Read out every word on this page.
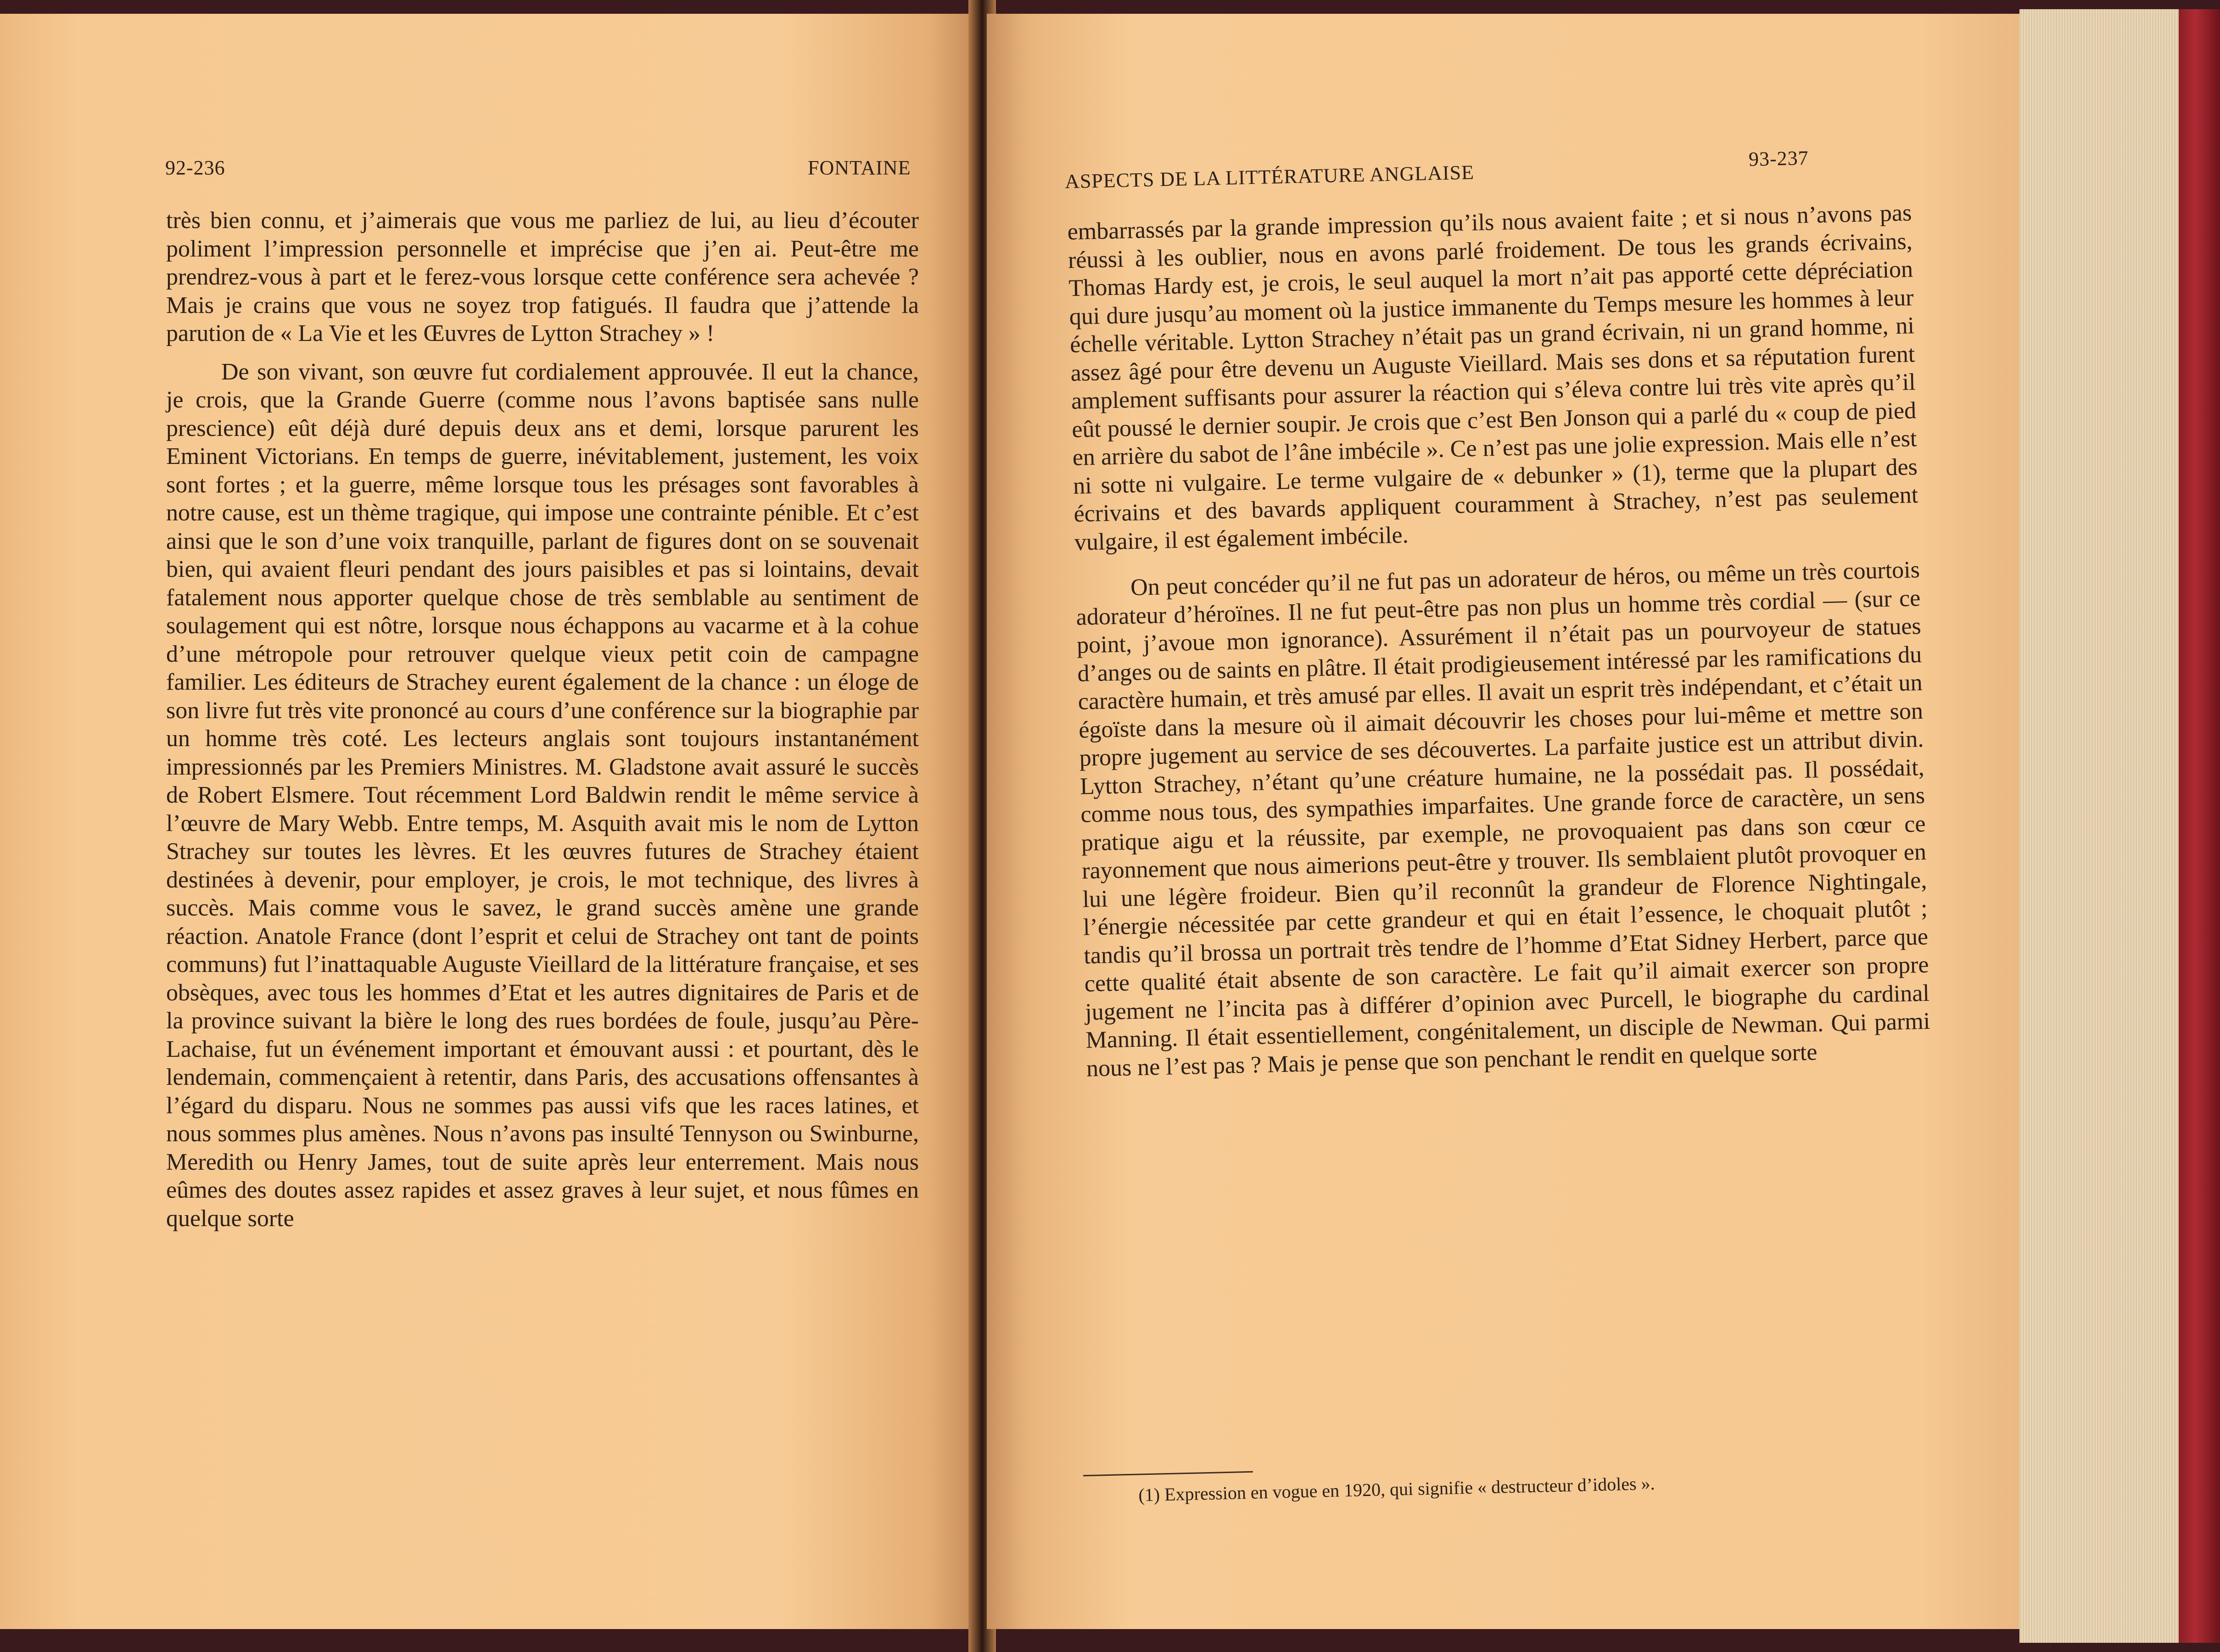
92-236	FONTAINE

très bien connu, et j’aimerais que vous me parliez de lui, au lieu d’écouter poliment l’impression personnelle et imprécise que j’en ai. Peut-être me prendrez-vous à part et le ferez-vous lorsque cette conférence sera achevée ? Mais je crains que vous ne soyez trop fatigués. Il faudra que j’attende la parution de « La Vie et les Œuvres de Lytton Strachey » !

De son vivant, son œuvre fut cordialement approuvée. Il eut la chance, je crois, que la Grande Guerre (comme nous l’avons baptisée sans nulle prescience) eût déjà duré depuis deux ans et demi, lorsque parurent les Eminent Victorians. En temps de guerre, inévitablement, justement, les voix sont fortes ; et la guerre, même lorsque tous les présages sont favorables à notre cause, est un thème tragique, qui impose une contrainte pénible. Et c’est ainsi que le son d’une voix tranquille, parlant de figures dont on se souvenait bien, qui avaient fleuri pendant des jours paisibles et pas si lointains, devait fatalement nous apporter quelque chose de très semblable au sentiment de soulagement qui est nôtre, lorsque nous échappons au vacarme et à la cohue d’une métropole pour retrouver quelque vieux petit coin de campagne familier. Les éditeurs de Strachey eurent également de la chance : un éloge de son livre fut très vite prononcé au cours d’une conférence sur la biographie par un homme très coté. Les lecteurs anglais sont toujours instantanément impressionnés par les Premiers Ministres. M. Gladstone avait assuré le succès de Robert Elsmere. Tout récemment Lord Baldwin rendit le même service à l’œuvre de Mary Webb. Entre temps, M. Asquith avait mis le nom de Lytton Strachey sur toutes les lèvres. Et les œuvres futures de Strachey étaient destinées à devenir, pour employer, je crois, le mot technique, des livres à succès. Mais comme vous le savez, le grand succès amène une grande réaction. Anatole France (dont l’esprit et celui de Strachey ont tant de points communs) fut l’inattaquable Auguste Vieillard de la littérature française, et ses obsèques, avec tous les hommes d’Etat et les autres dignitaires de Paris et de la province suivant la bière le long des rues bordées de foule, jusqu’au Père-Lachaise, fut un événement important et émouvant aussi : et pourtant, dès le lendemain, commençaient à retentir, dans Paris, des accusations offensantes à l’égard du disparu. Nous ne sommes pas aussi vifs que les races latines, et nous sommes plus amènes. Nous n’avons pas insulté Tennyson ou Swinburne, Meredith ou Henry James, tout de suite après leur enterrement. Mais nous eûmes des doutes assez rapides et assez graves à leur sujet, et nous fûmes en quelque sorte

ASPECTS DE LA LITTÉRATURE ANGLAISE
93-237

embarrassés par la grande impression qu’ils nous avaient faite ; et si nous n’avons pas réussi à les oublier, nous en avons parlé froidement. De tous les grands écrivains, Thomas Hardy est, je crois, le seul auquel la mort n’ait pas apporté cette dépréciation qui dure jusqu’au moment où la justice immanente du Temps mesure les hommes à leur échelle véritable. Lytton Strachey n’était pas un grand écrivain, ni un grand homme, ni assez âgé pour être devenu un Auguste Vieillard. Mais ses dons et sa réputation furent amplement suffisants pour assurer la réaction qui s’éleva contre lui très vite après qu’il eût poussé le dernier soupir. Je crois que c’est Ben Jonson qui a parlé du « coup de pied en arrière du sabot de l’âne imbécile ». Ce n’est pas une jolie expression. Mais elle n’est ni sotte ni vulgaire. Le terme vulgaire de « debunker » (1), terme que la plupart des écrivains et des bavards appliquent couramment à Strachey, n’est pas seulement vulgaire, il est également imbécile.

On peut concéder qu’il ne fut pas un adorateur de héros, ou même un très courtois adorateur d’héroïnes. Il ne fut peut-être pas non plus un homme très cordial — (sur ce point, j’avoue mon ignorance). Assurément il n’était pas un pourvoyeur de statues d’anges ou de saints en plâtre. Il était prodigieusement intéressé par les ramifications du caractère humain, et très amusé par elles. Il avait un esprit très indépendant, et c’était un égoïste dans la mesure où il aimait découvrir les choses pour lui-même et mettre son propre jugement au service de ses découvertes. La parfaite justice est un attribut divin. Lytton Strachey, n’étant qu’une créature humaine, ne la possédait pas. Il possédait, comme nous tous, des sympathies imparfaites. Une grande force de caractère, un sens pratique aigu et la réussite, par exemple, ne provoquaient pas dans son cœur ce rayonnement que nous aimerions peut-être y trouver. Ils semblaient plutôt provoquer en lui une légère froideur. Bien qu’il reconnût la grandeur de Florence Nightingale, l’énergie nécessitée par cette grandeur et qui en était l’essence, le choquait plutôt ; tandis qu’il brossa un portrait très tendre de l’homme d’Etat Sidney Herbert, parce que cette qualité était absente de son caractère. Le fait qu’il aimait exercer son propre jugement ne l’incita pas à différer d’opinion avec Purcell, le biographe du cardinal Manning. Il était essentiellement, congénitalement, un disciple de Newman. Qui parmi nous ne l’est pas ? Mais je pense que son penchant le rendit en quelque sorte

(1) Expression en vogue en 1920, qui signifie « destructeur d’idoles ».
